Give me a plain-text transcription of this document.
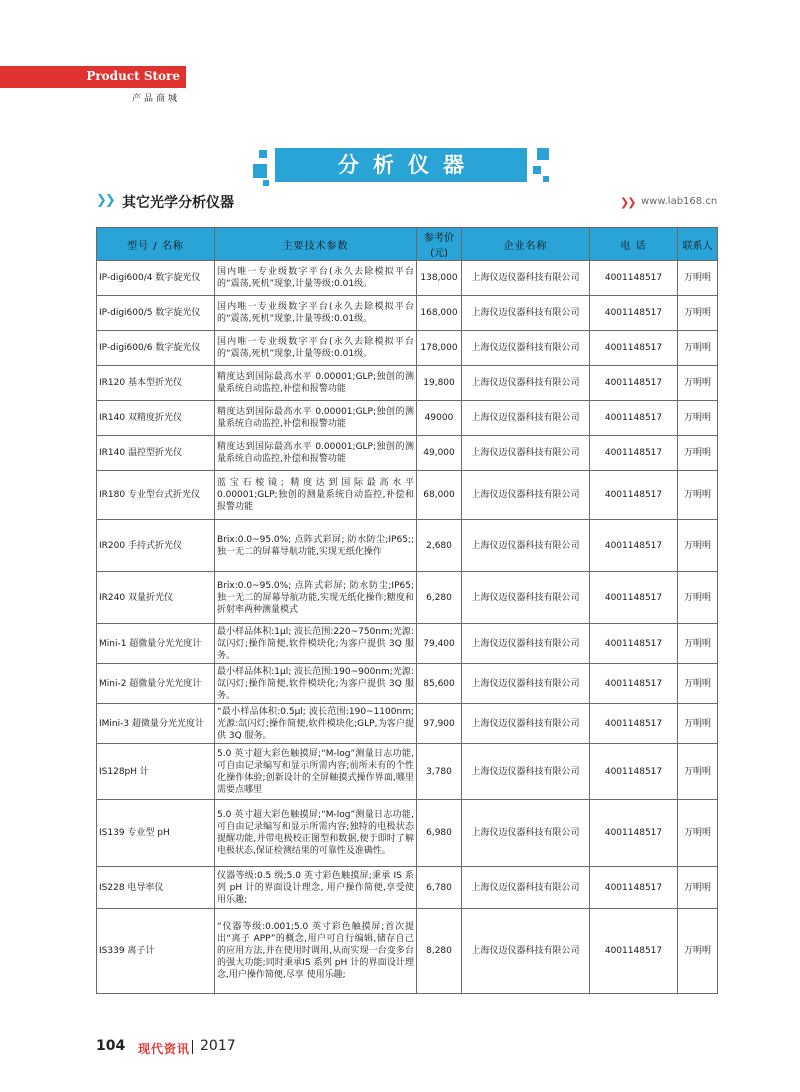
Product Store
产品商城
分析仪器
❯❯ 其它光学分析仪器	❯❯ www.lab168.cn
型号 / 名称	主要技术参数	参考价(元)	企业名称	电 话	联系人
IP-digi600/4 数字旋光仪	国内唯一专业级数字平台(永久去除模拟平台的“震荡,死机”现象,计量等级:0.01级。	138,000	上海仪迈仪器科技有限公司	4001148517	万明明
IP-digi600/5 数字旋光仪	国内唯一专业级数字平台(永久去除模拟平台的“震荡,死机”现象,计量等级:0.01级。	168,000	上海仪迈仪器科技有限公司	4001148517	万明明
IP-digi600/6 数字旋光仪	国内唯一专业级数字平台(永久去除模拟平台的“震荡,死机”现象,计量等级:0.01级。	178,000	上海仪迈仪器科技有限公司	4001148517	万明明
IR120 基本型折光仪	精度达到国际最高水平 0.00001;GLP;独创的测量系统自动监控,补偿和报警功能	19,800	上海仪迈仪器科技有限公司	4001148517	万明明
IR140 双精度折光仪	精度达到国际最高水平 0.00001;GLP;独创的测量系统自动监控,补偿和报警功能	49000	上海仪迈仪器科技有限公司	4001148517	万明明
IR140 温控型折光仪	精度达到国际最高水平 0.00001;GLP;独创的测量系统自动监控,补偿和报警功能	49,000	上海仪迈仪器科技有限公司	4001148517	万明明
IR180 专业型台式折光仪	蓝宝石棱镜; 精度达到国际最高水平0.00001;GLP;独创的测量系统自动监控,补偿和报警功能	68,000	上海仪迈仪器科技有限公司	4001148517	万明明
IR200 手持式折光仪	Brix:0.0~95.0%; 点阵式彩屏; 防水防尘;IP65;;独一无二的屏幕导航功能,实现无纸化操作	2,680	上海仪迈仪器科技有限公司	4001148517	万明明
IR240 双量折光仪	Brix:0.0~95.0%; 点阵式彩屏; 防水防尘;IP65;独一无二的屏幕导航功能,实现无纸化操作;糖度和折射率两种测量模式	6,280	上海仪迈仪器科技有限公司	4001148517	万明明
Mini-1 超微量分光光度计	最小样品体积:1μl; 波长范围:220~750nm;光源:氙闪灯;操作简便,软件模块化;为客户提供 3Q 服务。	79,400	上海仪迈仪器科技有限公司	4001148517	万明明
Mini-2 超微量分光光度计	最小样品体积:1μl; 波长范围:190~900nm;光源:氙闪灯;操作简便,软件模块化;为客户提供 3Q 服务。	85,600	上海仪迈仪器科技有限公司	4001148517	万明明
IMini-3 超微量分光光度计	“最小样品体积:0.5μl; 波长范围:190~1100nm;光源:氙闪灯;操作简便,软件模块化;GLP,为客户提供 3Q 服务。	97,900	上海仪迈仪器科技有限公司	4001148517	万明明
IS128pH 计	5.0 英寸超大彩色触摸屏;“M-log”测量日志功能, 可自由记录编写和显示所需内容;前所未有的个性化操作体验;创新设计的全屏触摸式操作界面,哪里需要点哪里	3,780	上海仪迈仪器科技有限公司	4001148517	万明明
IS139 专业型 pH	5.0 英寸超大彩色触摸屏;“M-log”测量日志功能, 可自由记录编写和显示所需内容;独特的电极状态提醒功能,并带电极校正图型和数据,便于即时了解电极状态,保证检测结果的可靠性及准确性。	6,980	上海仪迈仪器科技有限公司	4001148517	万明明
IS228 电导率仪	仪器等级:0.5 级;5.0 英寸彩色触摸屏;秉承 IS 系列 pH 计的界面设计理念, 用户操作简便,享受使用乐趣;	6,780	上海仪迈仪器科技有限公司	4001148517	万明明
IS339 离子计	“仪器等级:0.001;5.0 英寸彩色触摸屏;首次提出“离子 APP”的概念,用户可自行编辑,储存自己的应用方法,并在使用时调用,从而实现一台变多台的强大功能;同时秉承IS 系列 pH 计的界面设计理念,用户操作简便,尽享 使用乐趣;	8,280	上海仪迈仪器科技有限公司	4001148517	万明明
104 现代资讯 2017
